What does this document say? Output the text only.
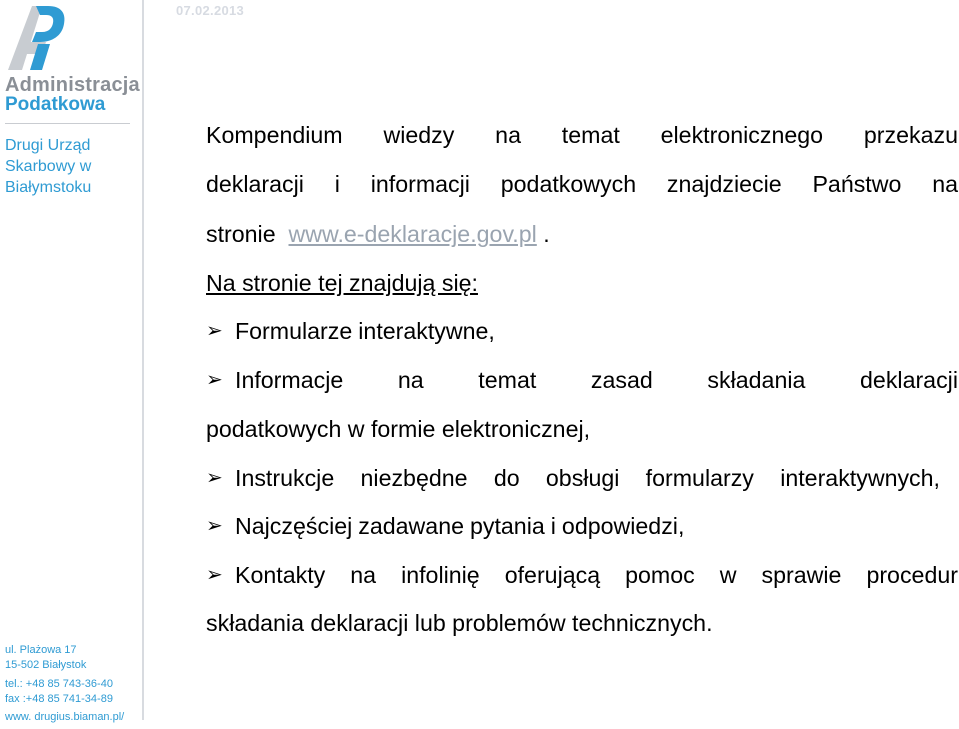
07.02.2013
Administracja
Podatkowa
Drugi Urząd
Skarbowy w
Białymstoku
ul. Plażowa 17
15-502 Białystok
tel.: +48 85 743-36-40
fax :+48 85 741-34-89
www. drugius.biaman.pl/
Kompendium wiedzy na temat elektronicznego przekazu
deklaracji i informacji podatkowych znajdziecie Państwo na
stronie www.e-deklaracje.gov.pl .
Na stronie tej znajdują się:
➢ Formularze interaktywne,
➢ Informacje na temat zasad składania deklaracji
podatkowych w formie elektronicznej,
➢ Instrukcje niezbędne do obsługi formularzy interaktywnych,
➢ Najczęściej zadawane pytania i odpowiedzi,
➢ Kontakty na infolinię oferującą pomoc w sprawie procedur
składania deklaracji lub problemów technicznych.
